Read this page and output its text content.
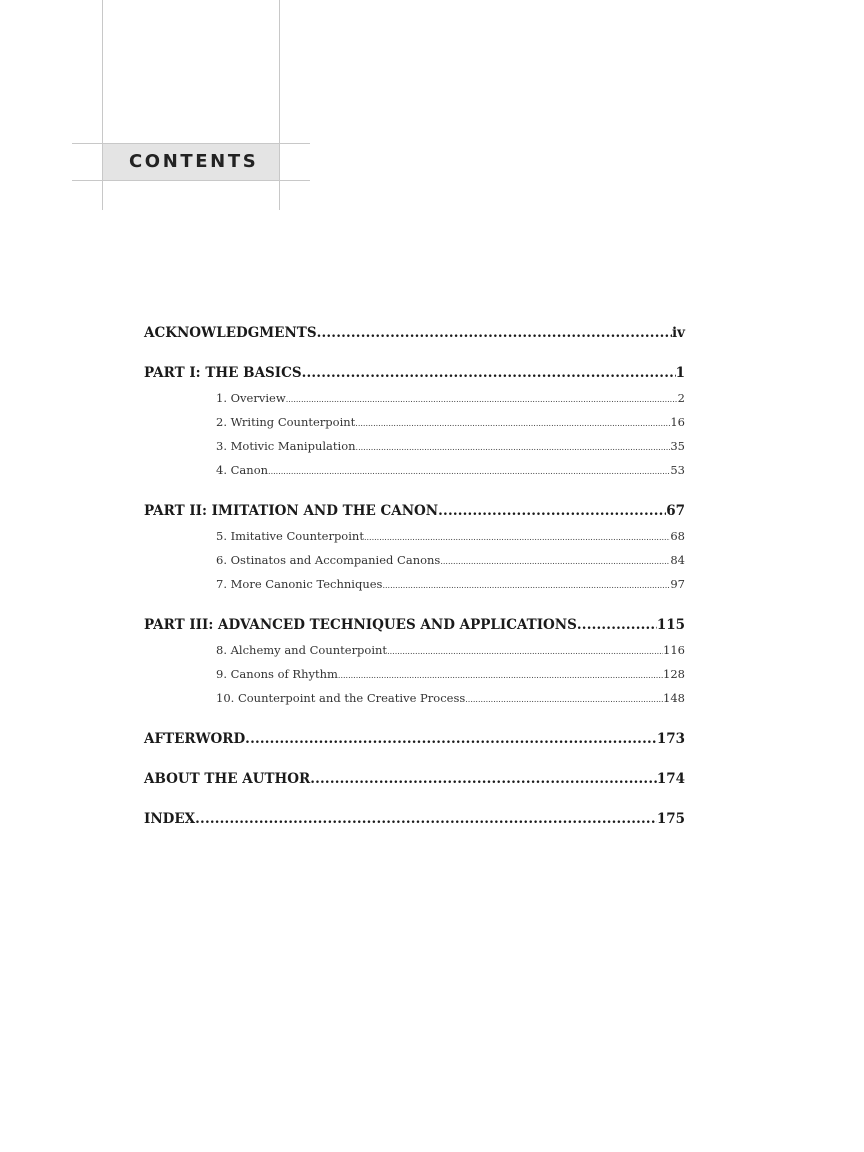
CONTENTS
ACKNOWLEDGMENTS .....	iv
PART I: THE BASICS .....	1
1. Overview .....	2
2. Writing Counterpoint .....	16
3. Motivic Manipulation .....	35
4. Canon .....	53
PART II: IMITATION AND THE CANON .....	67
5. Imitative Counterpoint .....	68
6. Ostinatos and Accompanied Canons .....	84
7. More Canonic Techniques .....	97
PART III: ADVANCED TECHNIQUES AND APPLICATIONS .....	115
8. Alchemy and Counterpoint .....	116
9. Canons of Rhythm .....	128
10. Counterpoint and the Creative Process .....	148
AFTERWORD .....	173
ABOUT THE AUTHOR .....	174
INDEX .....	175
